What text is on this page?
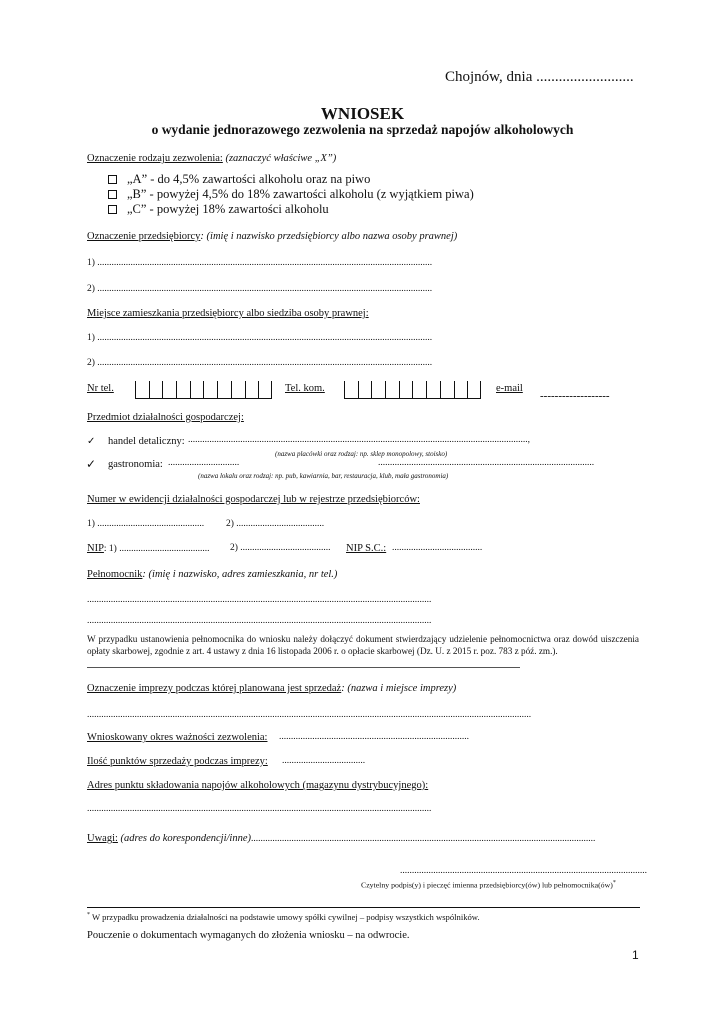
Chojnów, dnia ..........................
WNIOSEK
o wydanie jednorazowego zezwolenia na sprzedaż napojów alkoholowych
Oznaczenie rodzaju zezwolenia: (zaznaczyć właściwe „X”)
„A” - do 4,5% zawartości alkoholu oraz na piwo
„B” - powyżej 4,5% do 18% zawartości alkoholu (z wyjątkiem piwa)
„C” - powyżej 18% zawartości alkoholu
Oznaczenie przedsiębiorcy: (imię i nazwisko przedsiębiorcy albo nazwa osoby prawnej)
1) .............................................................................................................................................
2) .............................................................................................................................................
Miejsce zamieszkania przedsiębiorcy albo siedziba osoby prawnej:
1) .............................................................................................................................................
2) .............................................................................................................................................
Nr tel.	Tel. kom.	e-mail
-------------------
Przedmiot działalności gospodarczej:
✓ handel detaliczny: ...............................................................................................................................................,
(nazwa placówki oraz rodzaj: np. sklep monopolowy, stoisko)
✓ gastronomia: ..............................	...........................................................................................
(nazwa lokalu oraz rodzaj: np. pub, kawiarnia, bar, restauracja, klub, mała gastronomia)
Numer w ewidencji działalności gospodarczej lub w rejestrze przedsiębiorców:
1) ............................................. 2) .....................................
NIP: 1) ...................................... 2) ...................................... NIP S.C.: ......................................
Pełnomocnik: (imię i nazwisko, adres zamieszkania, nr tel.)
.................................................................................................................................................
.................................................................................................................................................
W przypadku ustanowienia pełnomocnika do wniosku należy dołączyć dokument stwierdzający udzielenie pełnomocnictwa oraz dowód uiszczenia opłaty skarbowej, zgodnie z art. 4 ustawy z dnia 16 listopada 2006 r. o opłacie skarbowej (Dz. U. z 2015 r. poz. 783 z póź. zm.).
Oznaczenie imprezy podczas której planowana jest sprzedaż: (nazwa i miejsce imprezy)
...........................................................................................................................................................................................
Wnioskowany okres ważności zezwolenia: ................................................................................
Ilość punktów sprzedaży podczas imprezy: ...................................
Adres punktu składowania napojów alkoholowych (magazynu dystrybucyjnego):
.................................................................................................................................................
Uwagi: (adres do korespondencji/inne).................................................................................................................................................
........................................................................................................
Czytelny podpis(y) i pieczęć imienna przedsiębiorcy(ów) lub pełnomocnika(ów)*
* W przypadku prowadzenia działalności na podstawie umowy spółki cywilnej – podpisy wszystkich wspólników.
Pouczenie o dokumentach wymaganych do złożenia wniosku – na odwrocie.
1
